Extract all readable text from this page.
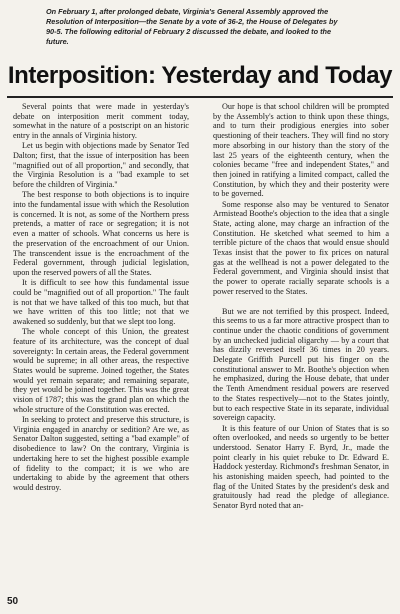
On February 1, after prolonged debate, Virginia's General Assembly approved the Resolution of Interposition—the Senate by a vote of 36-2, the House of Delegates by 90-5. The following editorial of February 2 discussed the debate, and looked to the future.
Interposition: Yesterday and Today

Several points that were made in yesterday's debate on interposition merit comment today, somewhat in the nature of a postscript on an historic entry in the annals of Virginia history.

Let us begin with objections made by Senator Ted Dalton; first, that the issue of interposition has been "magnified out of all proportion," and secondly, that the Virginia Resolution is a "bad example to set before the children of Virginia."

The best response to both objections is to inquire into the fundamental issue with which the Resolution is concerned. It is not, as some of the Northern press pretends, a matter of race or segregation; it is not even a matter of schools. What concerns us here is the preservation of the encroachment of our Union. The transcendent issue is the encroachment of the Federal government, through judicial legislation, upon the reserved powers of all the States.

It is difficult to see how this fundamental issue could be "magnified out of all proportion." The fault is not that we have talked of this too much, but that we have written of this too little; not that we awakened so suddenly, but that we slept too long.

The whole concept of this Union, the greatest feature of its architecture, was the concept of dual sovereignty: In certain areas, the Federal government would be supreme; in all other areas, the respective States would be supreme. Joined together, the States would yet remain separate; and remaining separate, they yet would be joined together. This was the great vision of 1787; this was the grand plan on which the whole structure of the Constitution was erected.

In seeking to protect and preserve this structure, is Virginia engaged in anarchy or sedition? Are we, as Senator Dalton suggested, setting a "bad example" of disobedience to law? On the contrary, Virginia is undertaking here to set the highest possible example of fidelity to the compact; it is we who are undertaking to abide by the agreement that others would destroy.

Our hope is that school children will be prompted by the Assembly's action to think upon these things, and to turn their prodigious energies into sober questioning of their teachers. They will find no story more absorbing in our history than the story of the last 25 years of the eighteenth century, when the colonies became "free and independent States," and then joined in ratifying a limited compact, called the Constitution, by which they and their posterity were to be governed.

Some response also may be ventured to Senator Armistead Boothe's objection to the idea that a single State, acting alone, may charge an infraction of the Constitution. He sketched what seemed to him a terrible picture of the chaos that would ensue should Texas insist that the power to fix prices on natural gas at the wellhead is not a power delegated to the Federal government, and Virginia should insist that the power to operate racially separate schools is a power reserved to the States.

But we are not terrified by this prospect. Indeed, this seems to us a far more attractive prospect than to continue under the chaotic conditions of government by an unchecked judicial oligarchy — by a court that has dizzily reversed itself 36 times in 20 years. Delegate Griffith Purcell put his finger on the constitutional answer to Mr. Boothe's objection when he emphasized, during the House debate, that under the Tenth Amendment residual powers are reserved to the States respectively—not to the States jointly, but to each respective State in its separate, individual sovereign capacity.

It is this feature of our Union of States that is so often overlooked, and needs so urgently to be better understood. Senator Harry F. Byrd, Jr., made the point clearly in his quiet rebuke to Dr. Edward E. Haddock yesterday. Richmond's freshman Senator, in his astonishing maiden speech, had pointed to the flag of the United States by the president's desk and gratuitously had read the pledge of allegiance. Senator Byrd noted that an-

50
